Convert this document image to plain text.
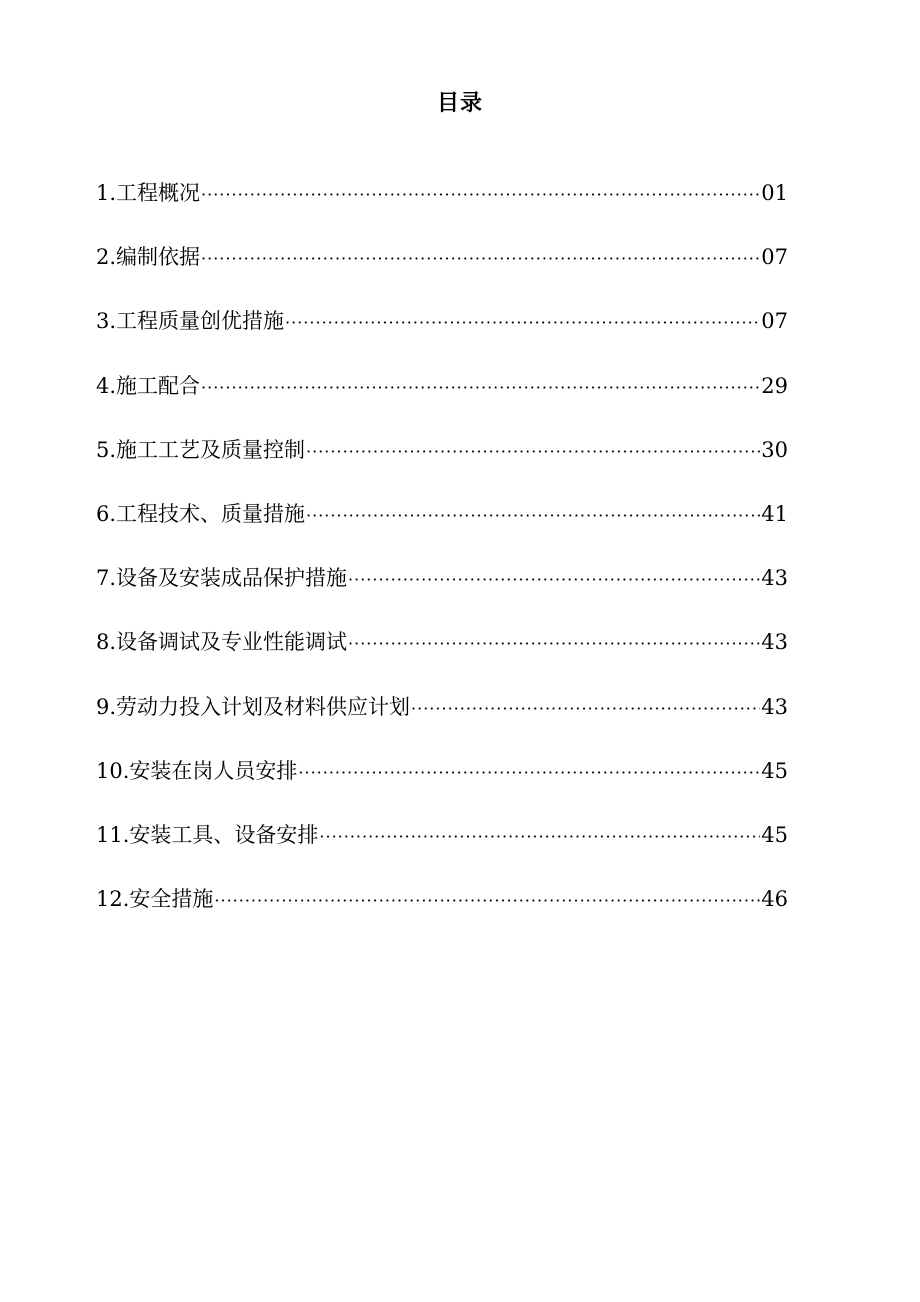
目录
1.工程概况 ·····	01
2.编制依据 ·····	07
3.工程质量创优措施 ·····	07
4.施工配合 ·····	29
5.施工工艺及质量控制 ·····	30
6.工程技术、质量措施 ·····	41
7.设备及安装成品保护措施 ·····	43
8.设备调试及专业性能调试 ·····	43
9.劳动力投入计划及材料供应计划 ·····	43
10.安装在岗人员安排 ·····	45
11.安装工具、设备安排 ·····	45
12.安全措施 ·····	46
